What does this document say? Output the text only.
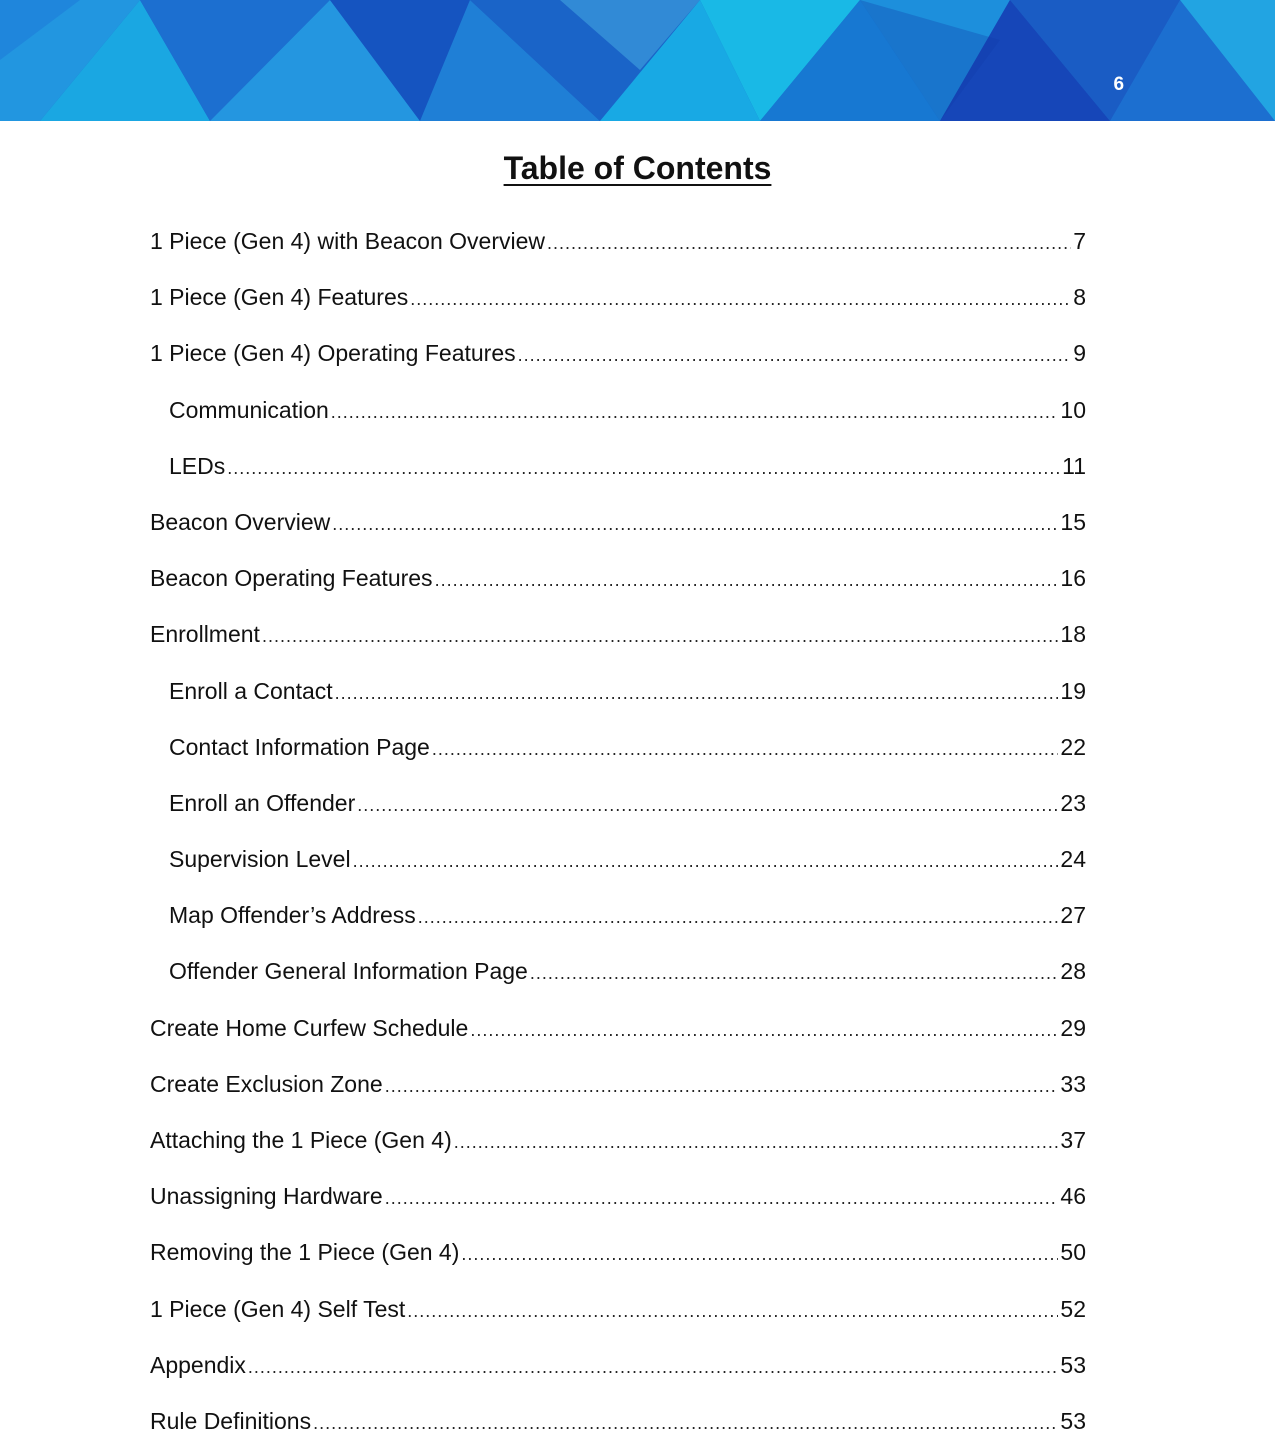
6
Table of Contents
1 Piece (Gen 4) with Beacon Overview .....	7
1 Piece (Gen 4) Features .....	8
1 Piece (Gen 4) Operating Features .....	9
Communication .....	10
LEDs .....	11
Beacon Overview .....	15
Beacon Operating Features .....	16
Enrollment .....	18
Enroll a Contact .....	19
Contact Information Page .....	22
Enroll an Offender .....	23
Supervision Level .....	24
Map Offender’s Address .....	27
Offender General Information Page .....	28
Create Home Curfew Schedule .....	29
Create Exclusion Zone .....	33
Attaching the 1 Piece (Gen 4) .....	37
Unassigning Hardware .....	46
Removing the 1 Piece (Gen 4) .....	50
1 Piece (Gen 4) Self Test .....	52
Appendix .....	53
Rule Definitions .....	53
